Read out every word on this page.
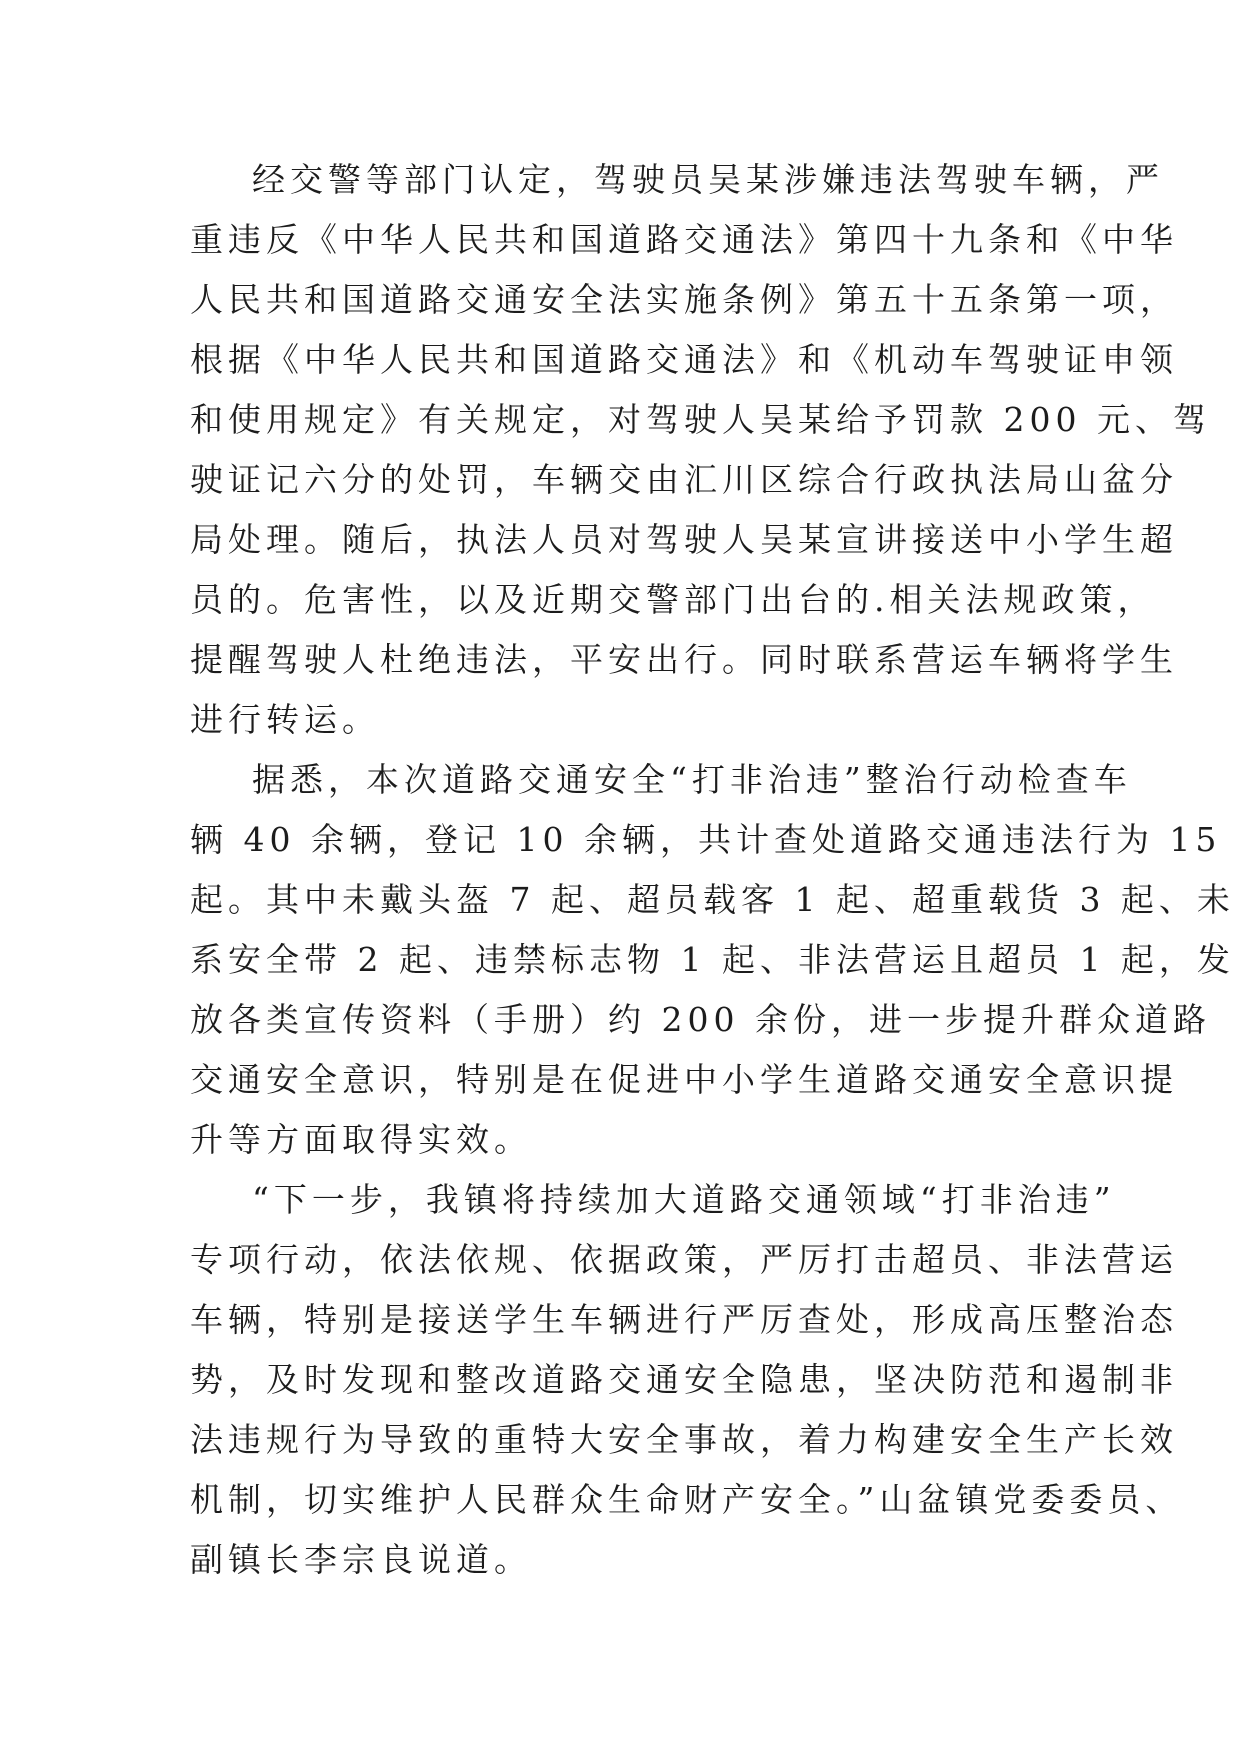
经交警等部门认定，驾驶员吴某涉嫌违法驾驶车辆，严
重违反《中华人民共和国道路交通法》第四十九条和《中华
人民共和国道路交通安全法实施条例》第五十五条第一项，
根据《中华人民共和国道路交通法》和《机动车驾驶证申领
和使用规定》有关规定，对驾驶人吴某给予罚款 200 元、驾
驶证记六分的处罚，车辆交由汇川区综合行政执法局山盆分
局处理。随后，执法人员对驾驶人吴某宣讲接送中小学生超
员的。危害性，以及近期交警部门出台的.相关法规政策，
提醒驾驶人杜绝违法，平安出行。同时联系营运车辆将学生
进行转运。
据悉，本次道路交通安全“打非治违”整治行动检查车
辆 40 余辆，登记 10 余辆，共计查处道路交通违法行为 15
起。其中未戴头盔 7 起、超员载客 1 起、超重载货 3 起、未
系安全带 2 起、违禁标志物 1 起、非法营运且超员 1 起，发
放各类宣传资料（手册）约 200 余份，进一步提升群众道路
交通安全意识，特别是在促进中小学生道路交通安全意识提
升等方面取得实效。
“下一步，我镇将持续加大道路交通领域“打非治违”
专项行动，依法依规、依据政策，严厉打击超员、非法营运
车辆，特别是接送学生车辆进行严厉查处，形成高压整治态
势，及时发现和整改道路交通安全隐患，坚决防范和遏制非
法违规行为导致的重特大安全事故，着力构建安全生产长效
机制，切实维护人民群众生命财产安全。”山盆镇党委委员、
副镇长李宗良说道。
